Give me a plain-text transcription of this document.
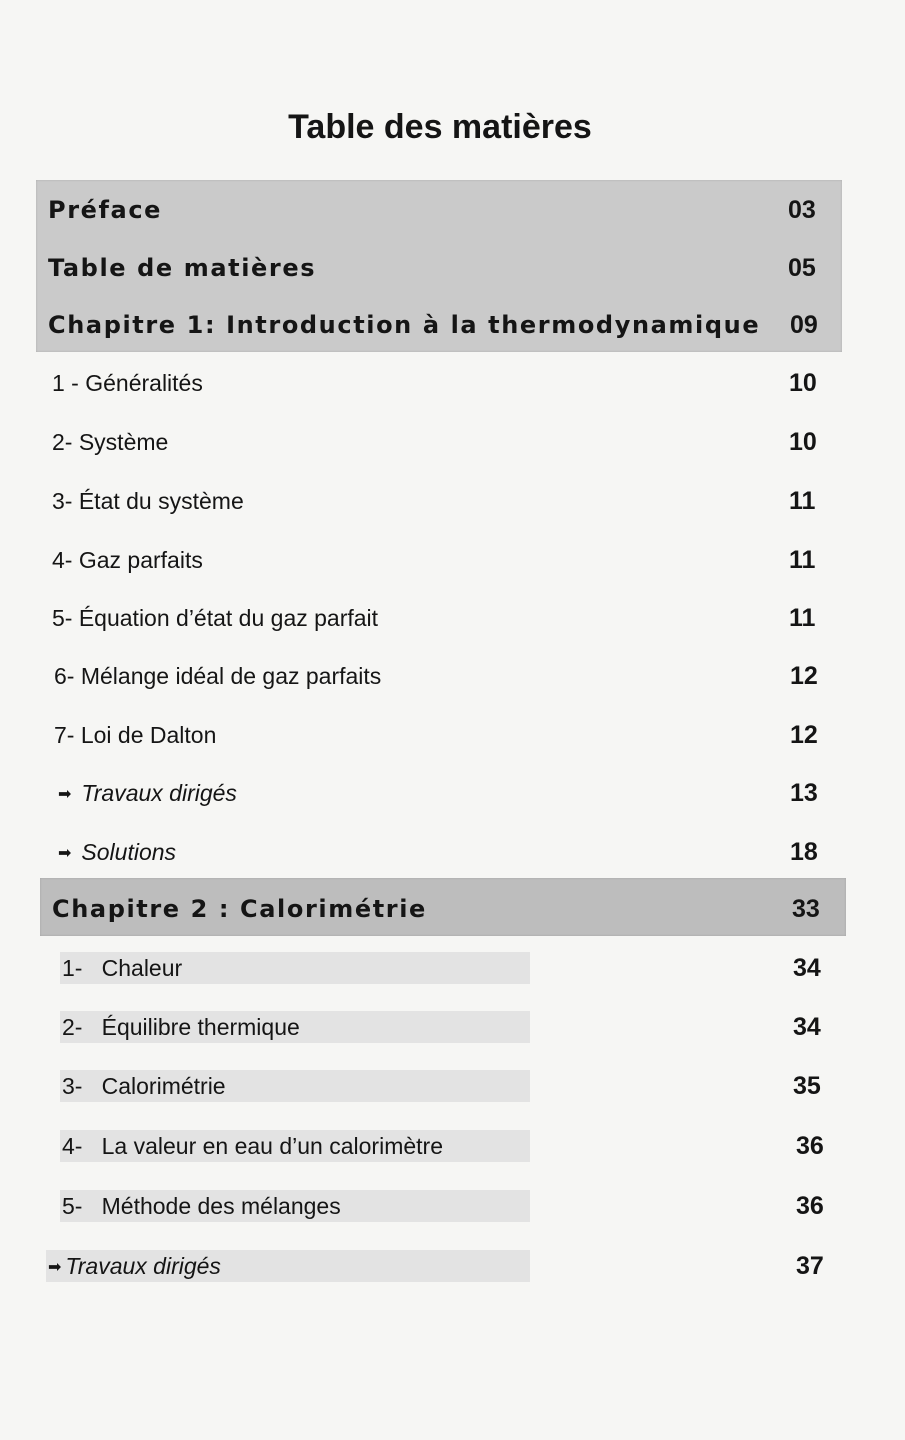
Table des matières
Préface	03
Table de matières	05
Chapitre 1: Introduction à la thermodynamique 09
1 - Généralités	10
2- Système	10
3- État du système	11
4- Gaz parfaits	11
5- Équation d’état du gaz parfait	11
6- Mélange idéal de gaz parfaits	12
7- Loi de Dalton	12
➡ Travaux dirigés	13
➡ Solutions	18
Chapitre 2 : Calorimétrie	33
1-   Chaleur	34
2-   Équilibre thermique	34
3-   Calorimétrie	35
4-   La valeur en eau d’un calorimètre	36
5-   Méthode des mélanges	36
➡ Travaux dirigés	37
